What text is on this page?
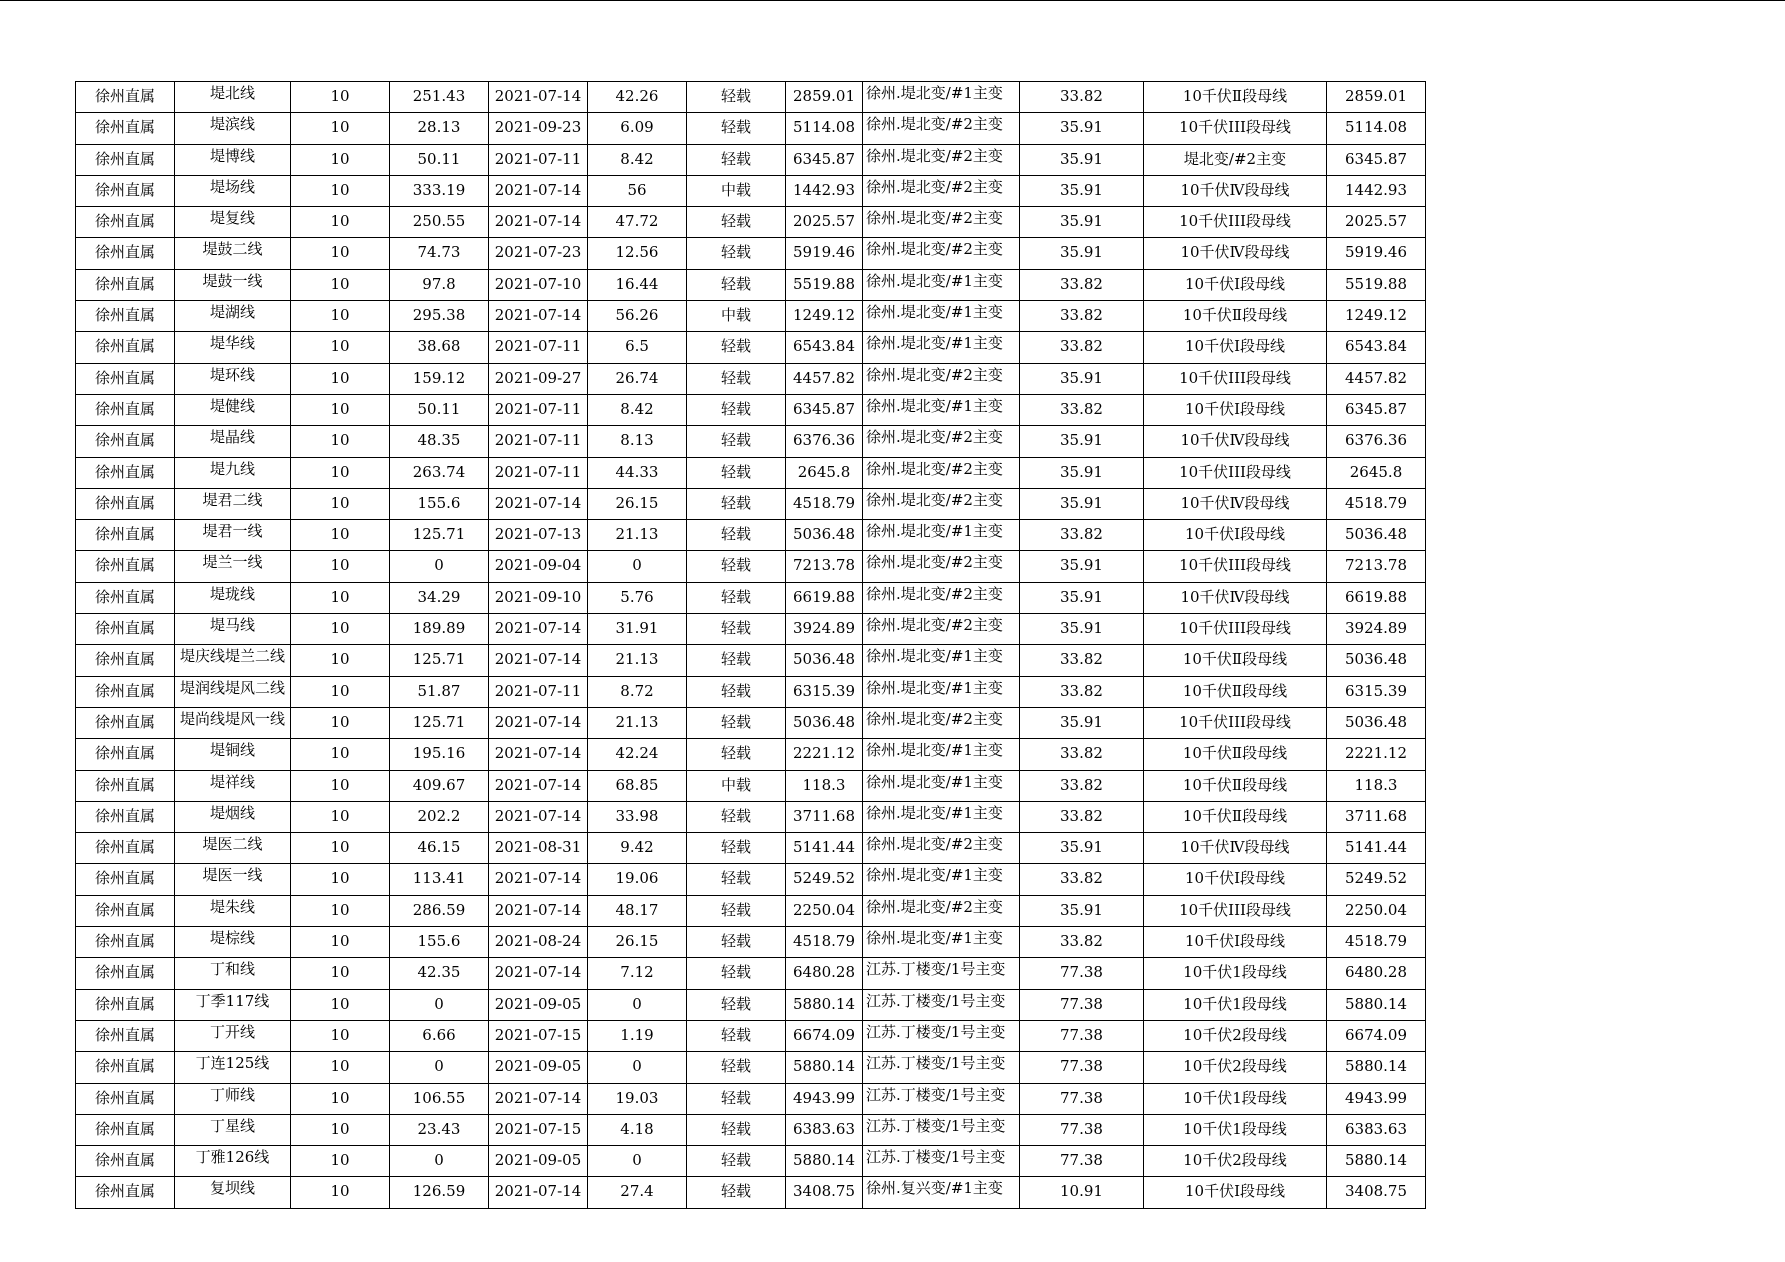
徐州直属	堤北线	10	251.43	2021-07-14	42.26	轻载	2859.01	徐州.堤北变/#1主变	33.82	10千伏Ⅱ段母线	2859.01
徐州直属	堤滨线	10	28.13	2021-09-23	6.09	轻载	5114.08	徐州.堤北变/#2主变	35.91	10千伏III段母线	5114.08
徐州直属	堤博线	10	50.11	2021-07-11	8.42	轻载	6345.87	徐州.堤北变/#2主变	35.91	堤北变/#2主变	6345.87
徐州直属	堤场线	10	333.19	2021-07-14	56	中载	1442.93	徐州.堤北变/#2主变	35.91	10千伏Ⅳ段母线	1442.93
徐州直属	堤复线	10	250.55	2021-07-14	47.72	轻载	2025.57	徐州.堤北变/#2主变	35.91	10千伏III段母线	2025.57
徐州直属	堤鼓二线	10	74.73	2021-07-23	12.56	轻载	5919.46	徐州.堤北变/#2主变	35.91	10千伏Ⅳ段母线	5919.46
徐州直属	堤鼓一线	10	97.8	2021-07-10	16.44	轻载	5519.88	徐州.堤北变/#1主变	33.82	10千伏Ⅰ段母线	5519.88
徐州直属	堤湖线	10	295.38	2021-07-14	56.26	中载	1249.12	徐州.堤北变/#1主变	33.82	10千伏Ⅱ段母线	1249.12
徐州直属	堤华线	10	38.68	2021-07-11	6.5	轻载	6543.84	徐州.堤北变/#1主变	33.82	10千伏Ⅰ段母线	6543.84
徐州直属	堤环线	10	159.12	2021-09-27	26.74	轻载	4457.82	徐州.堤北变/#2主变	35.91	10千伏III段母线	4457.82
徐州直属	堤健线	10	50.11	2021-07-11	8.42	轻载	6345.87	徐州.堤北变/#1主变	33.82	10千伏Ⅰ段母线	6345.87
徐州直属	堤晶线	10	48.35	2021-07-11	8.13	轻载	6376.36	徐州.堤北变/#2主变	35.91	10千伏Ⅳ段母线	6376.36
徐州直属	堤九线	10	263.74	2021-07-11	44.33	轻载	2645.8	徐州.堤北变/#2主变	35.91	10千伏III段母线	2645.8
徐州直属	堤君二线	10	155.6	2021-07-14	26.15	轻载	4518.79	徐州.堤北变/#2主变	35.91	10千伏Ⅳ段母线	4518.79
徐州直属	堤君一线	10	125.71	2021-07-13	21.13	轻载	5036.48	徐州.堤北变/#1主变	33.82	10千伏Ⅰ段母线	5036.48
徐州直属	堤兰一线	10	0	2021-09-04	0	轻载	7213.78	徐州.堤北变/#2主变	35.91	10千伏III段母线	7213.78
徐州直属	堤珑线	10	34.29	2021-09-10	5.76	轻载	6619.88	徐州.堤北变/#2主变	35.91	10千伏Ⅳ段母线	6619.88
徐州直属	堤马线	10	189.89	2021-07-14	31.91	轻载	3924.89	徐州.堤北变/#2主变	35.91	10千伏III段母线	3924.89
徐州直属	堤庆线堤兰二线	10	125.71	2021-07-14	21.13	轻载	5036.48	徐州.堤北变/#1主变	33.82	10千伏Ⅱ段母线	5036.48
徐州直属	堤润线堤风二线	10	51.87	2021-07-11	8.72	轻载	6315.39	徐州.堤北变/#1主变	33.82	10千伏Ⅱ段母线	6315.39
徐州直属	堤尚线堤风一线	10	125.71	2021-07-14	21.13	轻载	5036.48	徐州.堤北变/#2主变	35.91	10千伏III段母线	5036.48
徐州直属	堤铜线	10	195.16	2021-07-14	42.24	轻载	2221.12	徐州.堤北变/#1主变	33.82	10千伏Ⅱ段母线	2221.12
徐州直属	堤祥线	10	409.67	2021-07-14	68.85	中载	118.3	徐州.堤北变/#1主变	33.82	10千伏Ⅱ段母线	118.3
徐州直属	堤烟线	10	202.2	2021-07-14	33.98	轻载	3711.68	徐州.堤北变/#1主变	33.82	10千伏Ⅱ段母线	3711.68
徐州直属	堤医二线	10	46.15	2021-08-31	9.42	轻载	5141.44	徐州.堤北变/#2主变	35.91	10千伏Ⅳ段母线	5141.44
徐州直属	堤医一线	10	113.41	2021-07-14	19.06	轻载	5249.52	徐州.堤北变/#1主变	33.82	10千伏Ⅰ段母线	5249.52
徐州直属	堤朱线	10	286.59	2021-07-14	48.17	轻载	2250.04	徐州.堤北变/#2主变	35.91	10千伏III段母线	2250.04
徐州直属	堤棕线	10	155.6	2021-08-24	26.15	轻载	4518.79	徐州.堤北变/#1主变	33.82	10千伏Ⅰ段母线	4518.79
徐州直属	丁和线	10	42.35	2021-07-14	7.12	轻载	6480.28	江苏.丁楼变/1号主变	77.38	10千伏1段母线	6480.28
徐州直属	丁季117线	10	0	2021-09-05	0	轻载	5880.14	江苏.丁楼变/1号主变	77.38	10千伏1段母线	5880.14
徐州直属	丁开线	10	6.66	2021-07-15	1.19	轻载	6674.09	江苏.丁楼变/1号主变	77.38	10千伏2段母线	6674.09
徐州直属	丁连125线	10	0	2021-09-05	0	轻载	5880.14	江苏.丁楼变/1号主变	77.38	10千伏2段母线	5880.14
徐州直属	丁师线	10	106.55	2021-07-14	19.03	轻载	4943.99	江苏.丁楼变/1号主变	77.38	10千伏1段母线	4943.99
徐州直属	丁星线	10	23.43	2021-07-15	4.18	轻载	6383.63	江苏.丁楼变/1号主变	77.38	10千伏1段母线	6383.63
徐州直属	丁雅126线	10	0	2021-09-05	0	轻载	5880.14	江苏.丁楼变/1号主变	77.38	10千伏2段母线	5880.14
徐州直属	复坝线	10	126.59	2021-07-14	27.4	轻载	3408.75	徐州.复兴变/#1主变	10.91	10千伏Ⅰ段母线	3408.75
